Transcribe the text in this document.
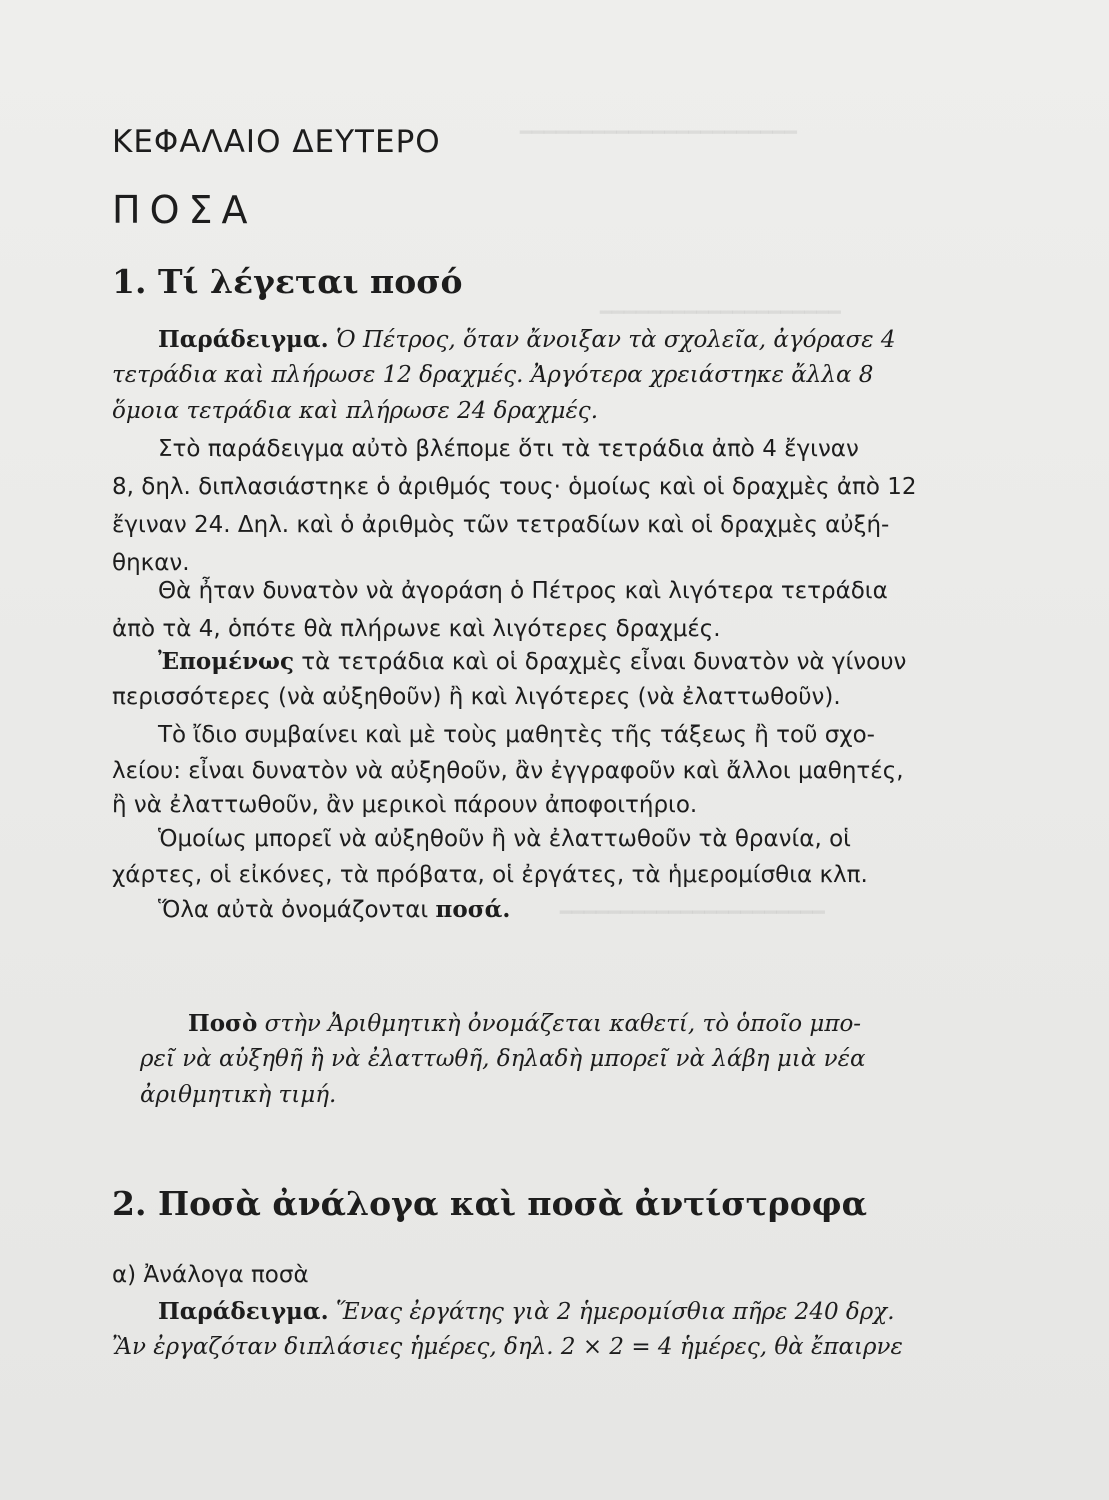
━━━━━━━━━━━━━━━━━━━━━━━
━━━━━━━━━━━━━━━━━━━━
━━━━━━━━━━━━━━━━━━━━━━
ΚΕΦΑΛΑΙΟ ΔΕΥΤΕΡΟ
ΠΟΣΑ
1. Τί λέγεται ποσό
Παράδειγμα. Ὁ Πέτρος, ὅταν ἄνοιξαν τὰ σχολεῖα, ἀγόρασε 4
τετράδια καὶ πλήρωσε 12 δραχμές. Ἀργότερα χρειάστηκε ἄλλα 8
ὅμοια τετράδια καὶ πλήρωσε 24 δραχμές.
Στὸ παράδειγμα αὐτὸ βλέπομε ὅτι τὰ τετράδια ἀπὸ 4 ἔγιναν
8, δηλ. διπλασιάστηκε ὁ ἀριθμός τους· ὁμοίως καὶ οἱ δραχμὲς ἀπὸ 12
ἔγιναν 24. Δηλ. καὶ ὁ ἀριθμὸς τῶν τετραδίων καὶ οἱ δραχμὲς αὐξή-
θηκαν.
Θὰ ἦταν δυνατὸν νὰ ἀγοράση ὁ Πέτρος καὶ λιγότερα τετράδια
ἀπὸ τὰ 4, ὁπότε θὰ πλήρωνε καὶ λιγότερες δραχμές.
Ἐπομένως τὰ τετράδια καὶ οἱ δραχμὲς εἶναι δυνατὸν νὰ γίνουν
περισσότερες (νὰ αὐξηθοῦν) ἢ καὶ λιγότερες (νὰ ἐλαττωθοῦν).
Τὸ ἴδιο συμβαίνει καὶ μὲ τοὺς μαθητὲς τῆς τάξεως ἢ τοῦ σχο-
λείου: εἶναι δυνατὸν νὰ αὐξηθοῦν, ἂν ἐγγραφοῦν καὶ ἄλλοι μαθητές,
ἢ νὰ ἐλαττωθοῦν, ἂν μερικοὶ πάρουν ἀποφοιτήριο.
Ὁμοίως μπορεῖ νὰ αὐξηθοῦν ἢ νὰ ἐλαττωθοῦν τὰ θρανία, οἱ
χάρτες, οἱ εἰκόνες, τὰ πρόβατα, οἱ ἐργάτες, τὰ ἡμερομίσθια κλπ.
Ὅλα αὐτὰ ὀνομάζονται ποσά.
Ποσὸ στὴν Ἀριθμητικὴ ὀνομάζεται καθετί, τὸ ὁποῖο μπο-
ρεῖ νὰ αὐξηθῆ ἢ νὰ ἐλαττωθῆ, δηλαδὴ μπορεῖ νὰ λάβη μιὰ νέα
ἀριθμητικὴ τιμή.
2. Ποσὰ ἀνάλογα καὶ ποσὰ ἀντίστροφα
α) Ἀνάλογα ποσὰ
Παράδειγμα. Ἕνας ἐργάτης γιὰ 2 ἡμερομίσθια πῆρε 240 δρχ.
Ἂν ἐργαζόταν διπλάσιες ἡμέρες, δηλ. 2 × 2 = 4 ἡμέρες, θὰ ἔπαιρνε
